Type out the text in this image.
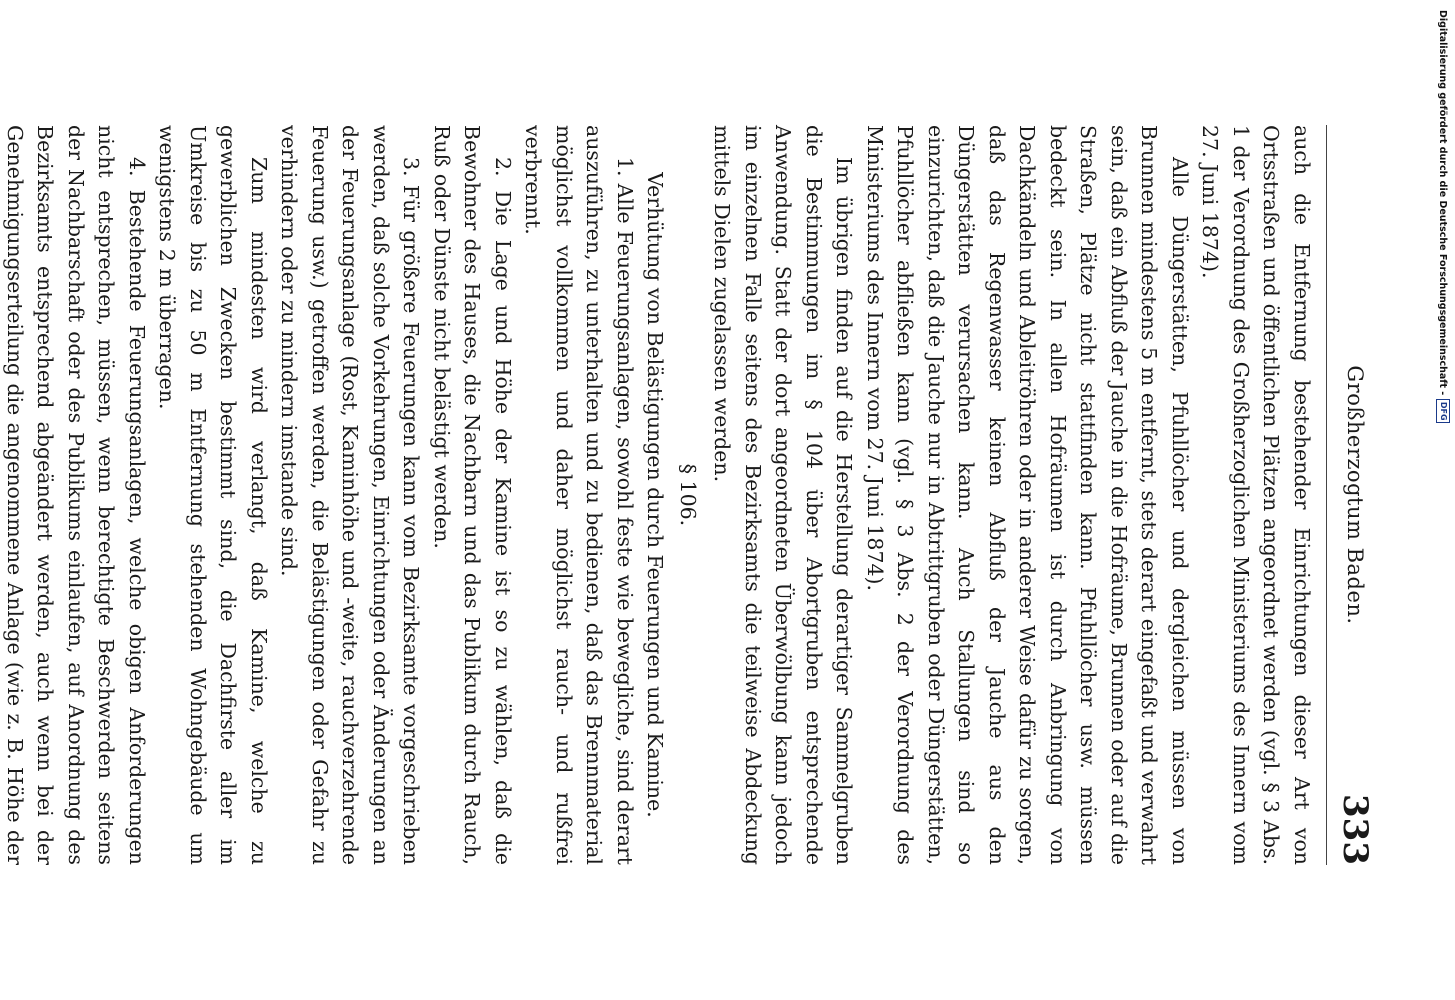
Großherzogtum Baden.
333

auch die Entfernung bestehender Einrichtungen dieser Art von Ortsstraßen und öffentlichen Plätzen angeordnet werden (vgl. § 3 Abs. 1 der Verordnung des Großherzoglichen Ministeriums des Innern vom 27. Juni 1874).

Alle Düngerstätten, Pfuhllöcher und dergleichen müssen von Brunnen mindestens 5 m entfernt, stets derart eingefaßt und verwahrt sein, daß ein Abfluß der Jauche in die Hofräume, Brunnen oder auf die Straßen, Plätze nicht stattfinden kann. Pfuhllöcher usw. müssen bedeckt sein. In allen Hofräumen ist durch Anbringung von Dachkändeln und Ableitröhren oder in anderer Weise dafür zu sorgen, daß das Regenwasser keinen Abfluß der Jauche aus den Düngerstätten verursachen kann. Auch Stallungen sind so einzurichten, daß die Jauche nur in Abtrittgruben oder Düngerstätten, Pfuhllöcher abfließen kann (vgl. § 3 Abs. 2 der Verordnung des Ministeriums des Innern vom 27. Juni 1874).

Im übrigen finden auf die Herstellung derartiger Sammelgruben die Bestimmungen im § 104 über Abortgruben entsprechende Anwendung. Statt der dort angeordneten Überwölbung kann jedoch im einzelnen Falle seitens des Bezirksamts die teilweise Abdeckung mittels Dielen zugelassen werden.

§ 106.
Verhütung von Belästigungen durch Feuerungen und Kamine.

1. Alle Feuerungsanlagen, sowohl feste wie bewegliche, sind derart auszuführen, zu unterhalten und zu bedienen, daß das Brennmaterial möglichst vollkommen und daher möglichst rauch- und rußfrei verbrennt.

2. Die Lage und Höhe der Kamine ist so zu wählen, daß die Bewohner des Hauses, die Nachbarn und das Publikum durch Rauch, Ruß oder Dünste nicht belästigt werden.

3. Für größere Feuerungen kann vom Bezirksamte vorgeschrieben werden, daß solche Vorkehrungen, Einrichtungen oder Änderungen an der Feuerungsanlage (Rost, Kaminhöhe und -weite, rauchverzehrende Feuerung usw.) getroffen werden, die Belästigungen oder Gefahr zu verhindern oder zu mindern imstande sind.

Zum mindesten wird verlangt, daß Kamine, welche zu gewerblichen Zwecken bestimmt sind, die Dachfirste aller im Umkreise bis zu 50 m Entfernung stehenden Wohngebäude um wenigstens 2 m überragen.

4. Bestehende Feuerungsanlagen, welche obigen Anforderungen nicht entsprechen, müssen, wenn berechtigte Beschwerden seitens der Nachbarschaft oder des Publikums einlaufen, auf Anordnung des Bezirksamts entsprechend abgeändert werden, auch wenn bei der Genehmigungserteilung die angenommene Anlage (wie z. B. Höhe der

Digitalisierung gefördert durch die Deutsche Forschungsgemeinschaft -
DFG
